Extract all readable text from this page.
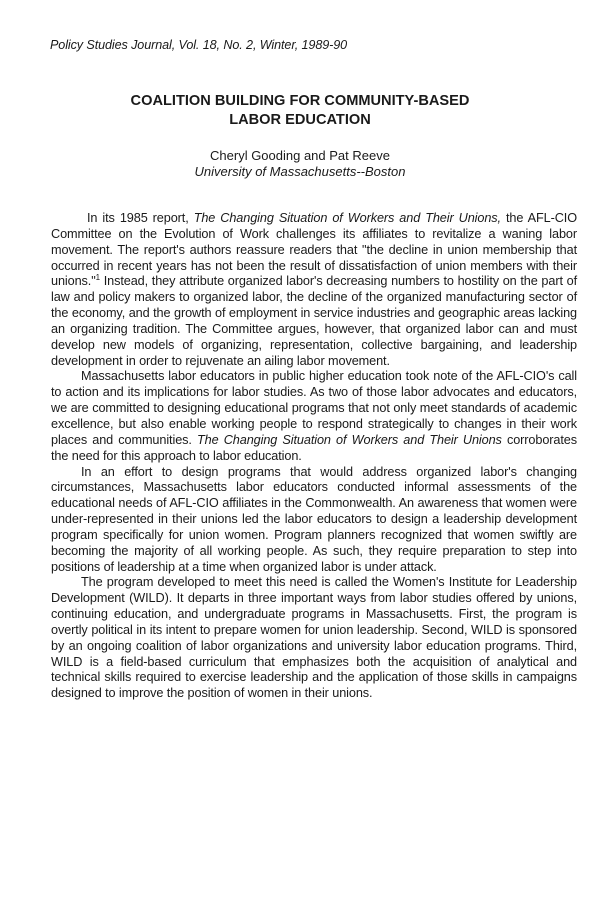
Policy Studies Journal, Vol. 18, No. 2, Winter, 1989-90
COALITION BUILDING FOR COMMUNITY-BASED
LABOR EDUCATION
Cheryl Gooding and Pat Reeve
University of Massachusetts--Boston

In its 1985 report, The Changing Situation of Workers and Their Unions, the AFL-CIO Committee on the Evolution of Work challenges its affiliates to revitalize a waning labor movement. The report's authors reassure readers that "the decline in union membership that occurred in recent years has not been the result of dissatisfaction of union members with their unions."$^1$ Instead, they attribute organized labor's decreasing numbers to hostility on the part of law and policy makers to organized labor, the decline of the organized manufacturing sector of the economy, and the growth of employment in service industries and geographic areas lacking an organizing tradition. The Committee argues, however, that organized labor can and must develop new models of organizing, representation, collective bargaining, and leadership development in order to rejuvenate an ailing labor movement.

Massachusetts labor educators in public higher education took note of the AFL-CIO's call to action and its implications for labor studies. As two of those labor advocates and educators, we are committed to designing educational programs that not only meet standards of academic excellence, but also enable working people to respond strategically to changes in their work places and communities. The Changing Situation of Workers and Their Unions corroborates the need for this approach to labor education.

In an effort to design programs that would address organized labor's changing circumstances, Massachusetts labor educators conducted informal assessments of the educational needs of AFL-CIO affiliates in the Commonwealth. An awareness that women were under-represented in their unions led the labor educators to design a leadership development program specifically for union women. Program planners recognized that women swiftly are becoming the majority of all working people. As such, they require preparation to step into positions of leadership at a time when organized labor is under attack.

The program developed to meet this need is called the Women's Institute for Leadership Development (WILD). It departs in three important ways from labor studies offered by unions, continuing education, and undergraduate programs in Massachusetts. First, the program is overtly political in its intent to prepare women for union leadership. Second, WILD is sponsored by an ongoing coalition of labor organizations and university labor education programs. Third, WILD is a field-based curriculum that emphasizes both the acquisition of analytical and technical skills required to exercise leadership and the application of those skills in campaigns designed to improve the position of women in their unions.
